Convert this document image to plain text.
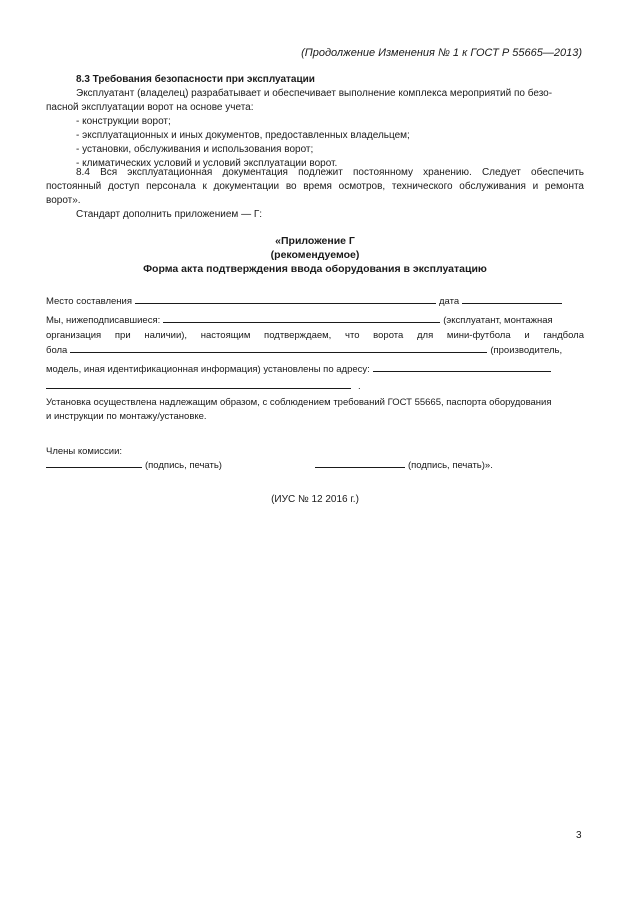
(Продолжение Изменения № 1 к ГОСТ Р 55665—2013)
8.3 Требования безопасности при эксплуатации
Эксплуатант (владелец) разрабатывает и обеспечивает выполнение комплекса мероприятий по безо-
пасной эксплуатации ворот на основе учета:
- конструкции ворот;
- эксплуатационных и иных документов, предоставленных владельцем;
- установки, обслуживания и использования ворот;
- климатических условий и условий эксплуатации ворот.
8.4 Вся эксплуатационная документация подлежит постоянному хранению. Следует обеспечить
постоянный доступ персонала к документации во время осмотров, технического обслуживания и ремонта
ворот».
Стандарт дополнить приложением — Г:
«Приложение Г
(рекомендуемое)
Форма акта подтверждения ввода оборудования в эксплуатацию
Место составления	дата
Мы, нижеподписавшиеся:	(эксплуатант, монтажная
организация при наличии), настоящим подтверждаем, что ворота для мини-футбола и гандбола
бола	(производитель,
модель, иная идентификационная информация) установлены по адресу:
.
Установка осуществлена надлежащим образом, с соблюдением требований ГОСТ 55665, паспорта оборудования
и инструкции по монтажу/установке.
Члены комиссии:
(подпись, печать)	(подпись, печать)».
(ИУС № 12 2016 г.)
3
